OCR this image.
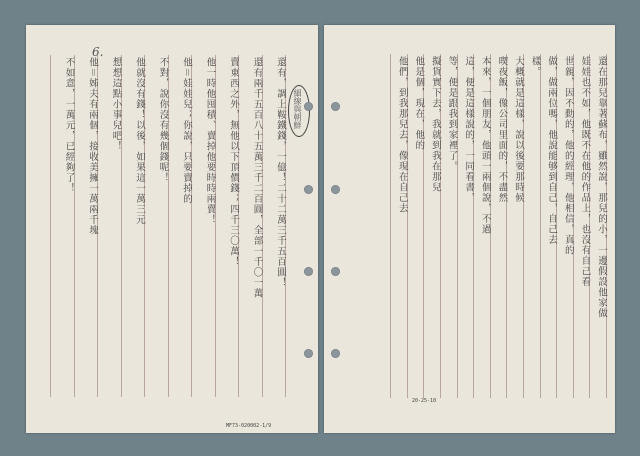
6.
細線與朝鮮
還有，調上鞍鐵錢，一億！二十二萬三千五百圓！
還有兩千五百八十五萬三千二百圓，全部一千〇一萬
賣東西之外，無他以下頂價錢；四千三〇萬！
他一時他囤積、賣掉他要時時兩賣！
他＝娃娃兒；你說，只要賣掉的
不對，說你沒有幾個錢呢！
他就沒有錢！以後，如果這一萬三元
想想這點小事兒吧！
他＝姊夫有兩個，接收美擁一萬兩千塊
不如意，一萬元，已經夠了！
MF73-020002-1/9
還在那兒靠著蘇布，雖然說，那兒的小，一邊假設他家做
娃娃也不如，他既不在他的作品上，也沒有自己看
世親，因不動的，他的經理，他相信，真的
做，做兩位嗎，他說能够到自己，自己去
樣。
大概就是這樣，說以後要那時候
喫夜飯，像公司里面的，不盡然
本來，一個朋友，他頭一兩個說，不過
這，便是這樣說的，一同看書，
等，便是跟我到家裡了。
擬貨實下去，我就到我在那兒
他是個，現在，他的
他們，到我那兒去，像現在自己去
20-25-10
